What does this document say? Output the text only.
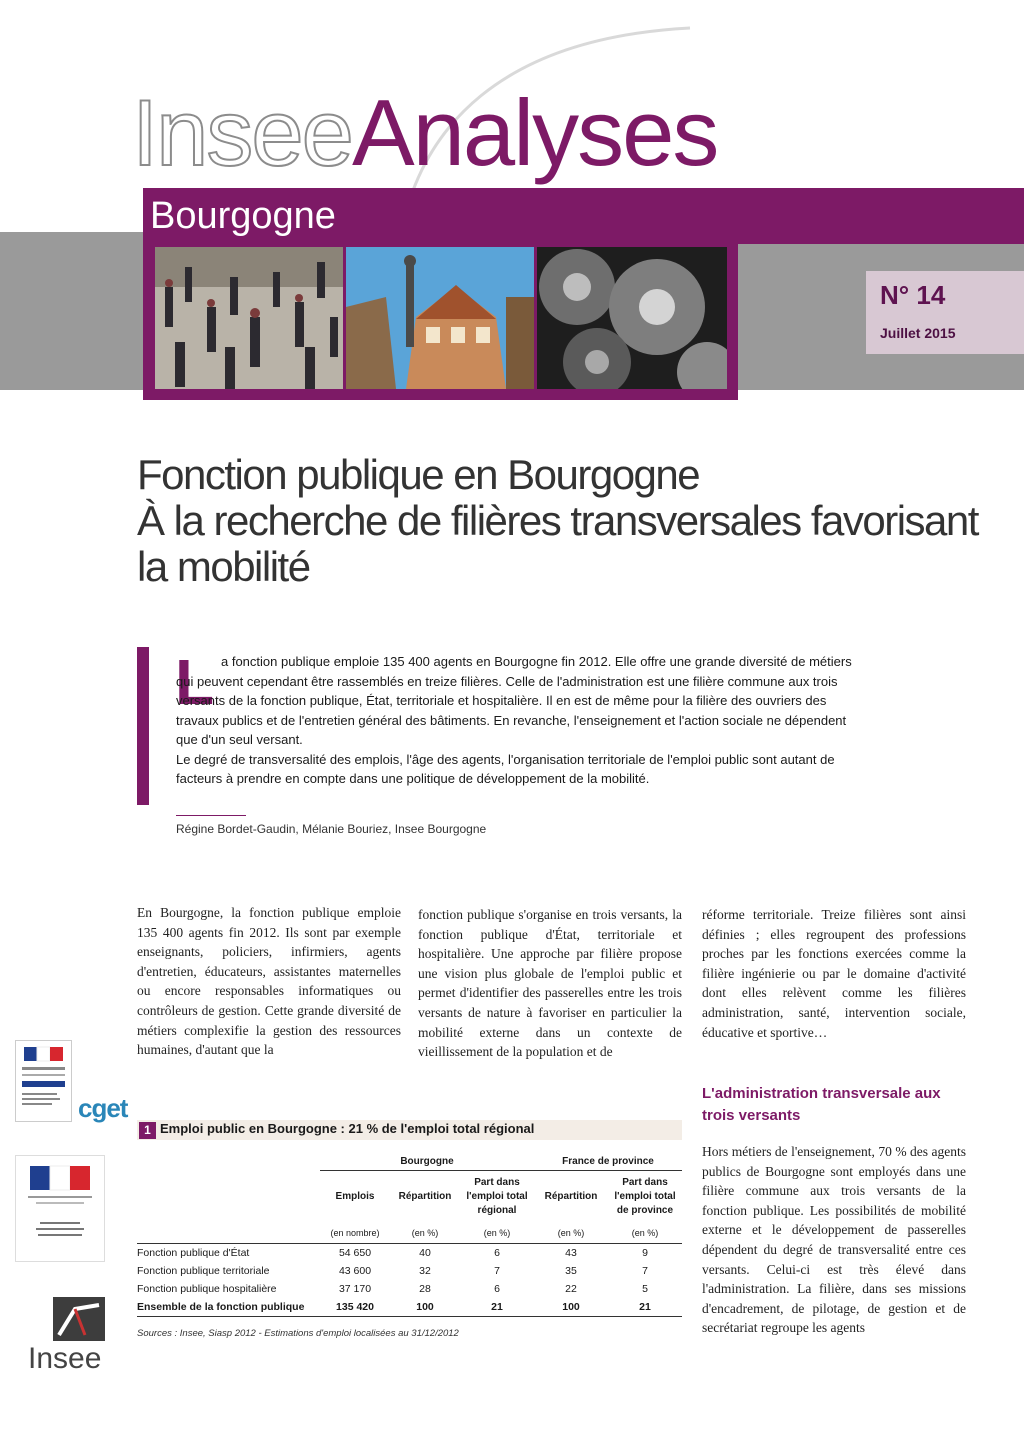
InseeAnalyses
Bourgogne
N° 14
Juillet 2015
Fonction publique en Bourgogne
À la recherche de filières transversales favorisant
la mobilité
L a fonction publique emploie 135 400 agents en Bourgogne fin 2012. Elle offre une grande diversité de métiers qui peuvent cependant être rassemblés en treize filières. Celle de l'administration est une filière commune aux trois versants de la fonction publique, État, territoriale et hospitalière. Il en est de même pour la filière des ouvriers des travaux publics et de l'entretien général des bâtiments. En revanche, l'enseignement et l'action sociale ne dépendent que d'un seul versant.

Le degré de transversalité des emplois, l'âge des agents, l'organisation territoriale de l'emploi public sont autant de facteurs à prendre en compte dans une politique de développement de la mobilité.

Régine Bordet-Gaudin, Mélanie Bouriez, Insee Bourgogne
En Bourgogne, la fonction publique emploie 135 400 agents fin 2012. Ils sont par exemple enseignants, policiers, infirmiers, agents d'entretien, éducateurs, assistantes maternelles ou encore responsables informatiques ou contrôleurs de gestion. Cette grande diversité de métiers complexifie la gestion des ressources humaines, d'autant que la
fonction publique s'organise en trois versants, la fonction publique d'État, territoriale et hospitalière. Une approche par filière propose une vision plus globale de l'emploi public et permet d'identifier des passerelles entre les trois versants de nature à favoriser en particulier la mobilité externe dans un contexte de vieillissement de la population et de
réforme territoriale. Treize filières sont ainsi définies ; elles regroupent des professions proches par les fonctions exercées comme la filière ingénierie ou par le domaine d'activité dont elles relèvent comme les filières administration, santé, intervention sociale, éducative et sportive…
L'administration transversale aux trois versants
Hors métiers de l'enseignement, 70 % des agents publics de Bourgogne sont employés dans une filière commune aux trois versants de la fonction publique. Les possibilités de mobilité externe et le développement de passerelles dépendent du degré de transversalité entre ces versants. Celui-ci est très élevé dans l'administration. La filière, dans ses missions d'encadrement, de pilotage, de gestion et de secrétariat regroupe les agents
1 Emploi public en Bourgogne : 21 % de l'emploi total régional
	Bourgogne			France de province	
	Emplois	Répartition	Part dans l'emploi total régional	Répartition	Part dans l'emploi total de province
	(en nombre)	(en %)	(en %)	(en %)	(en %)
Fonction publique d'État	54 650	40	6	43	9
Fonction publique territoriale	43 600	32	7	35	7
Fonction publique hospitalière	37 170	28	6	22	5
Ensemble de la fonction publique	135 420	100	21	100	21
Sources : Insee, Siasp 2012 - Estimations d'emploi localisées au 31/12/2012
cget
Insee
